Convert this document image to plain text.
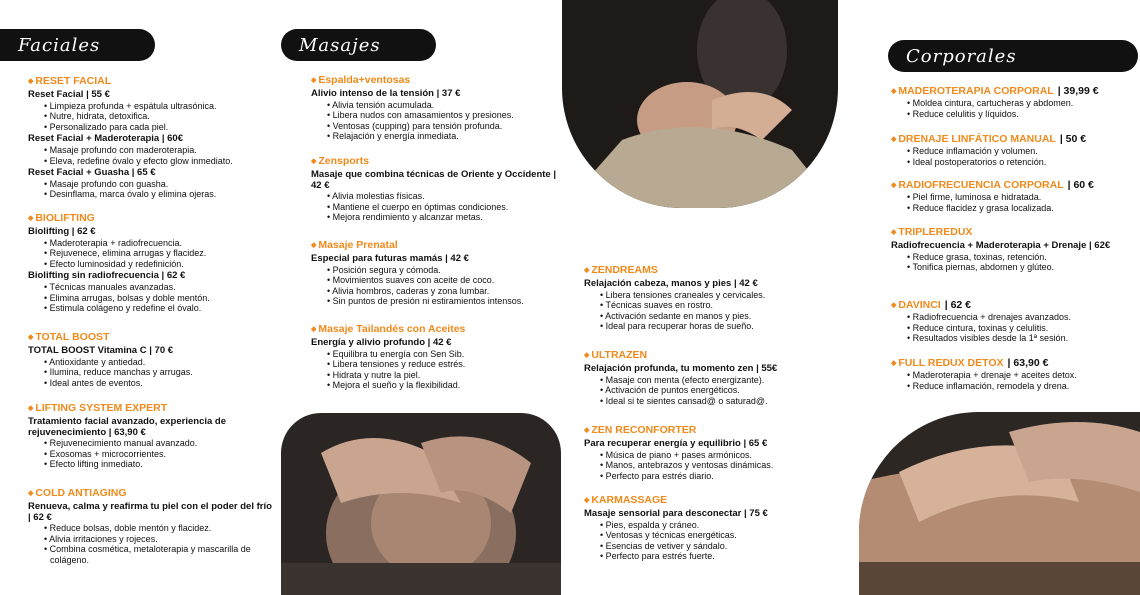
Faciales	Masajes
Corporales
◆ RESET FACIAL
Reset Facial | 55 €
• Limpieza profunda + espátula ultrasónica.
• Nutre, hidrata, detoxifica.
• Personalizado para cada piel.
Reset Facial + Maderoterapia | 60€
• Masaje profundo con maderoterapia.
• Eleva, redefine óvalo y efecto glow inmediato.
Reset Facial + Guasha | 65 €
• Masaje profundo con guasha.
• Desinflama, marca óvalo y elimina ojeras.
◆ BIOLIFTING
Biolifting | 62 €
• Maderoterapia + radiofrecuencia.
• Rejuvenece, elimina arrugas y flacidez.
• Efecto luminosidad y redefinición.
Biolifting sin radiofrecuencia | 62 €
• Técnicas manuales avanzadas.
• Elimina arrugas, bolsas y doble mentón.
• Estimula colágeno y redefine el óvalo.
◆ TOTAL BOOST
TOTAL BOOST Vitamina C | 70 €
• Antioxidante y antiedad.
• Ilumina, reduce manchas y arrugas.
• Ideal antes de eventos.
◆ LIFTING SYSTEM EXPERT
Tratamiento facial avanzado, experiencia de rejuvenecimiento | 63,90 €
• Rejuvenecimiento manual avanzado.
• Exosomas + microcorrientes.
• Efecto lifting inmediato.
◆ COLD ANTIAGING
Renueva, calma y reafirma tu piel con el poder del frío | 62 €
• Reduce bolsas, doble mentón y flacidez.
• Alivia irritaciones y rojeces.
• Combina cosmética, metaloterapia y mascarilla de colágeno.
◆ Espalda+ventosas
Alivio intenso de la tensión | 37 €
• Alivia tensión acumulada.
• Libera nudos con amasamientos y presiones.
• Ventosas (cupping) para tensión profunda.
• Relajación y energía inmediata.
◆ Zensports
Masaje que combina técnicas de Oriente y Occidente | 42 €
• Alivia molestias físicas.
• Mantiene el cuerpo en óptimas condiciones.
• Mejora rendimiento y alcanzar metas.
◆ Masaje Prenatal
Especial para futuras mamás | 42 €
• Posición segura y cómoda.
• Movimientos suaves con aceite de coco.
• Alivia hombros, caderas y zona lumbar.
• Sin puntos de presión ni estiramientos intensos.
◆ Masaje Tailandés con Aceites
Energía y alivio profundo | 42 €
• Equilibra tu energía con Sen Sib.
• Libera tensiones y reduce estrés.
• Hidrata y nutre la piel.
• Mejora el sueño y la flexibilidad.
◆ ZENDREAMS
Relajación cabeza, manos y pies | 42 €
• Libera tensiones craneales y cervicales.
• Técnicas suaves en rostro.
• Activación sedante en manos y pies.
• Ideal para recuperar horas de sueño.
◆ ULTRAZEN
Relajación profunda, tu momento zen | 55€
• Masaje con menta (efecto energizante).
• Activación de puntos energéticos.
• Ideal si te sientes cansad@ o saturad@.
◆ ZEN RECONFORTER
Para recuperar energía y equilibrio | 65 €
• Música de piano + pases armónicos.
• Manos, antebrazos y ventosas dinámicas.
• Perfecto para estrés diario.
◆ KARMASSAGE
Masaje sensorial para desconectar | 75 €
• Pies, espalda y cráneo.
• Ventosas y técnicas energéticas.
• Esencias de vetiver y sándalo.
• Perfecto para estrés fuerte.
◆ MADEROTERAPIA CORPORAL | 39,99 €
• Moldea cintura, cartucheras y abdomen.
• Reduce celulitis y líquidos.
◆ DRENAJE LINFÁTICO MANUAL | 50 €
• Reduce inflamación y volumen.
• Ideal postoperatorios o retención.
◆ RADIOFRECUENCIA CORPORAL | 60 €
• Piel firme, luminosa e hidratada.
• Reduce flacidez y grasa localizada.
◆ TRIPLEREDUX
Radiofrecuencia + Maderoterapia + Drenaje | 62€
• Reduce grasa, toxinas, retención.
• Tonifica piernas, abdomen y glúteo.
◆ DAVINCI | 62 €
• Radiofrecuencia + drenajes avanzados.
• Reduce cintura, toxinas y celulitis.
• Resultados visibles desde la 1ª sesión.
◆ FULL REDUX DETOX | 63,90 €
• Maderoterapia + drenaje + aceites detox.
• Reduce inflamación, remodela y drena.
